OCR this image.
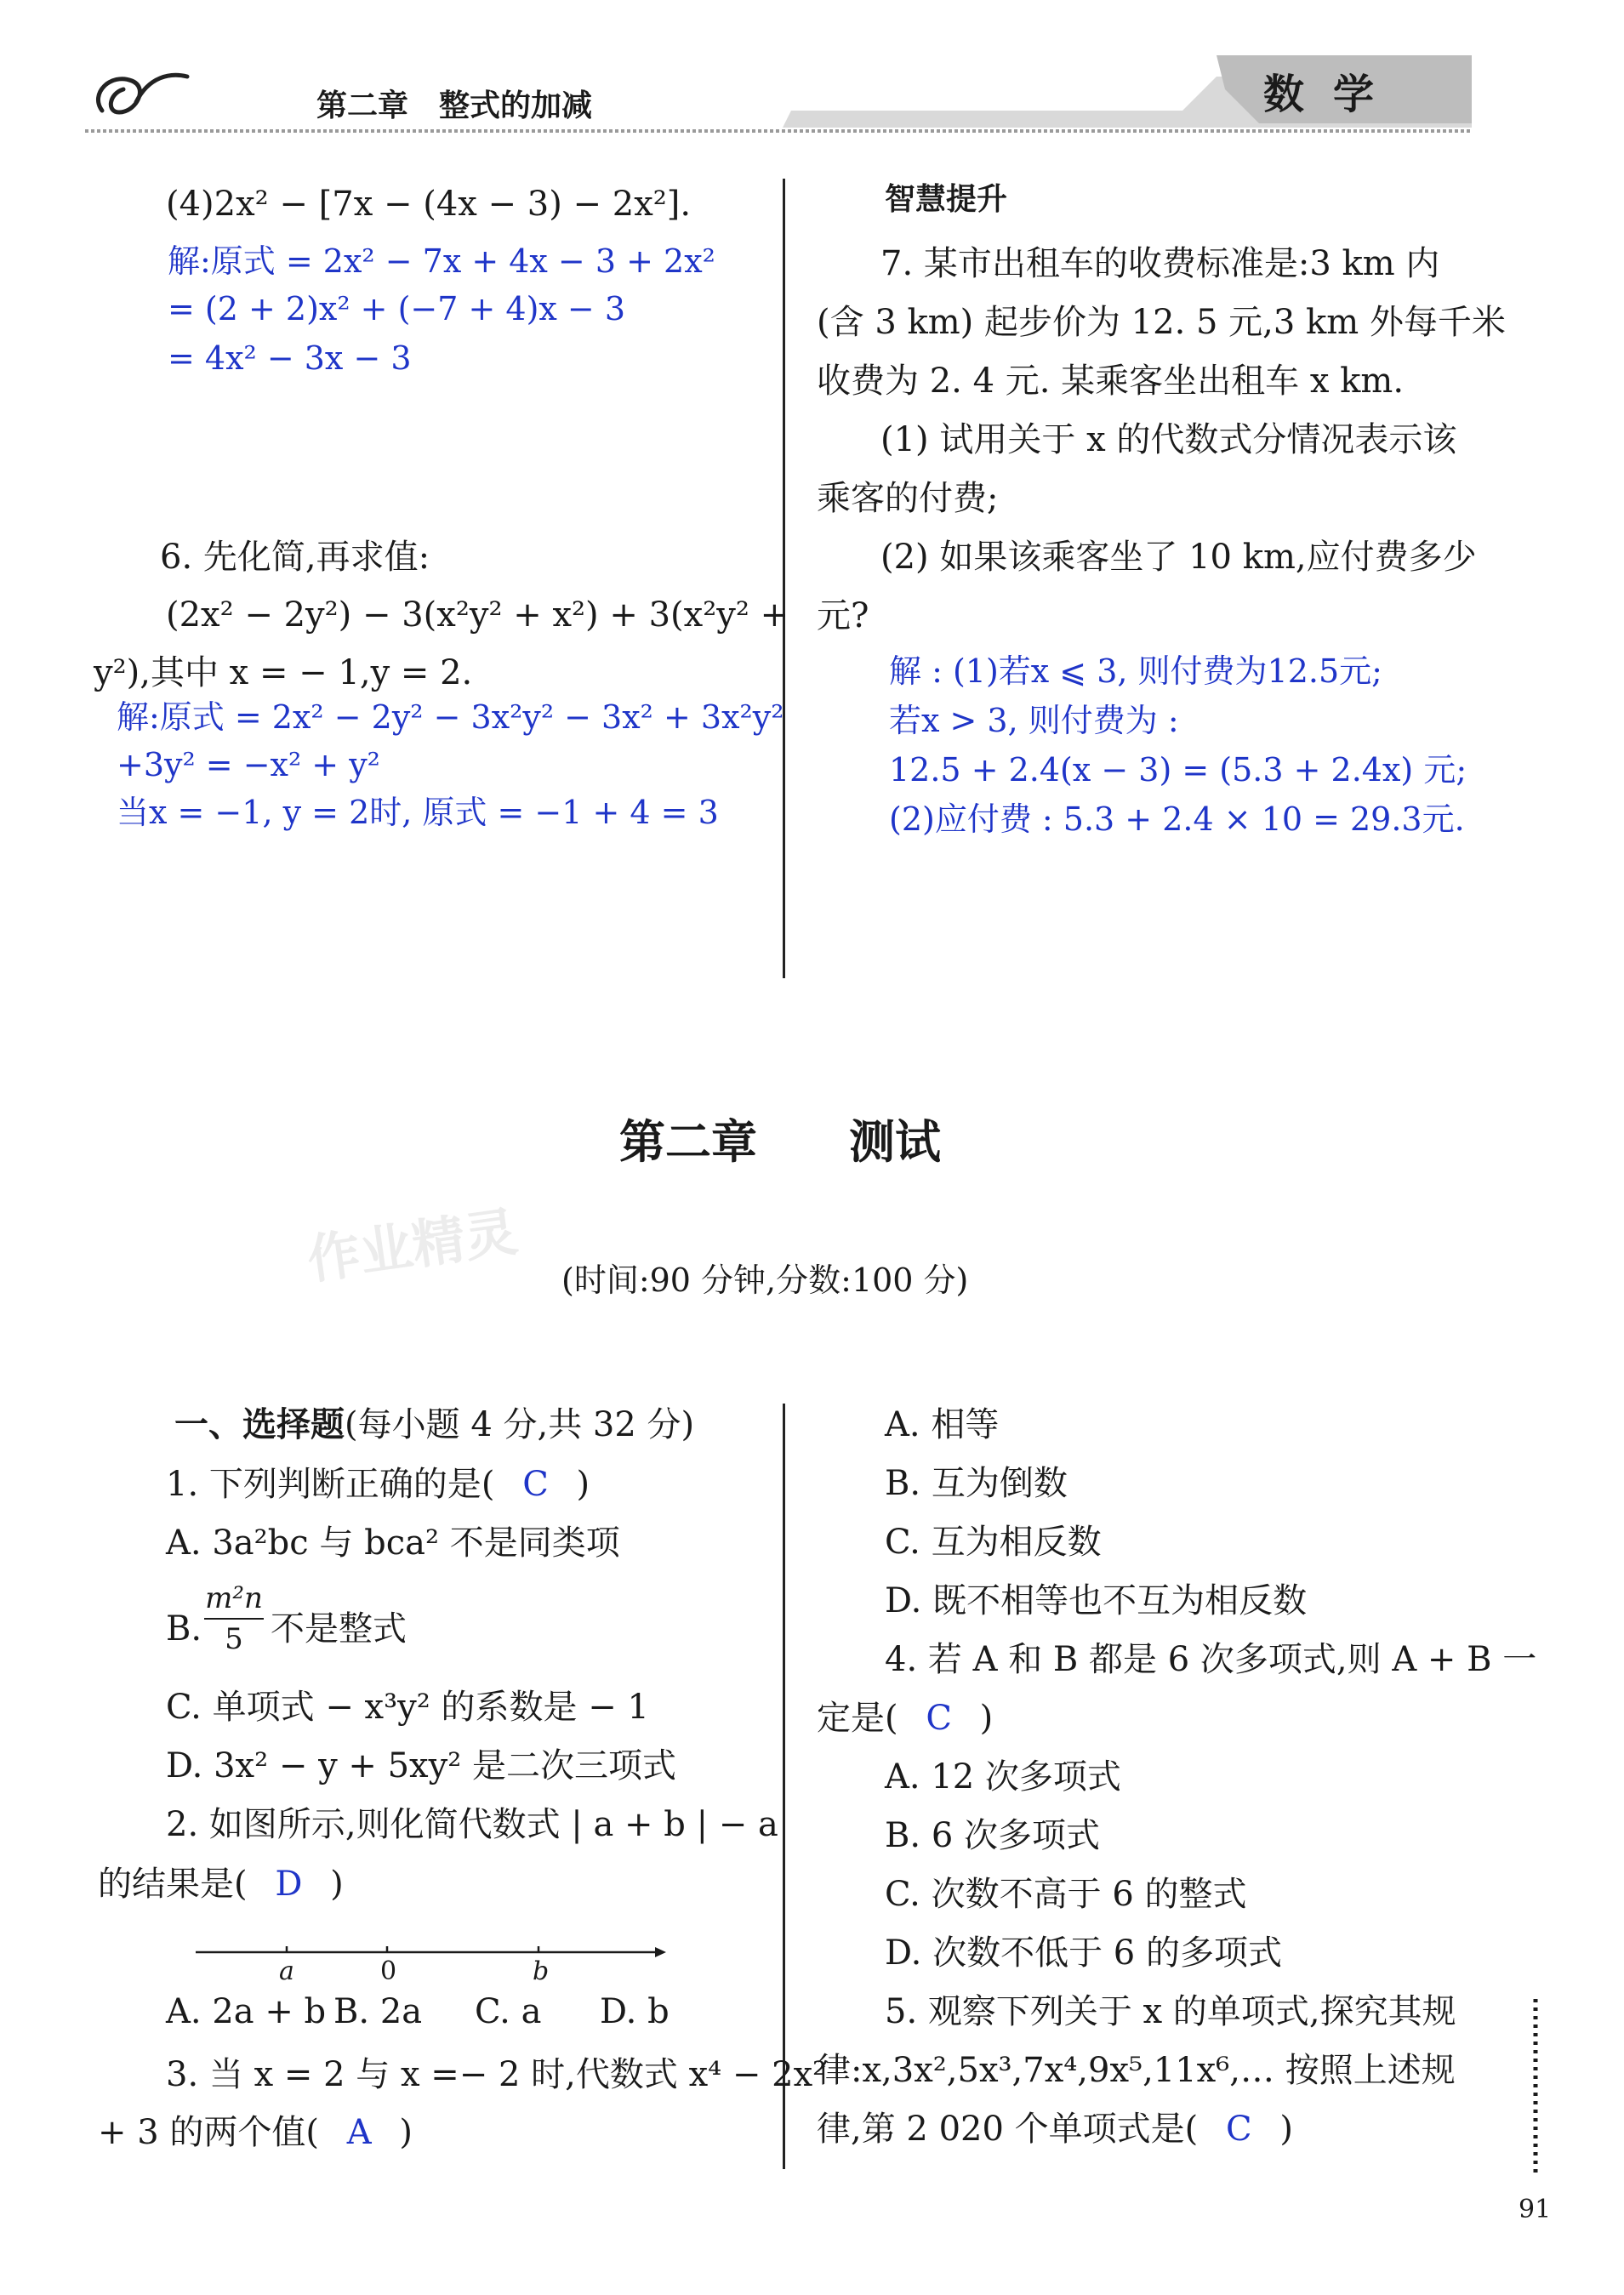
第二章　整式的加减	数学
(4)2x² − [7x − (4x − 3) − 2x²].
解:原式 = 2x² − 7x + 4x − 3 + 2x²
= (2 + 2)x² + (−7 + 4)x − 3
= 4x² − 3x − 3
6. 先化简,再求值:
(2x² − 2y²) − 3(x²y² + x²) + 3(x²y² +
y²),其中 x = − 1,y = 2.
解:原式 = 2x² − 2y² − 3x²y² − 3x² + 3x²y²
+3y² = −x² + y²
当x = −1, y = 2时, 原式 = −1 + 4 = 3
智慧提升
7. 某市出租车的收费标准是:3 km 内
(含 3 km) 起步价为 12. 5 元,3 km 外每千米
收费为 2. 4 元. 某乘客坐出租车 x km.
(1) 试用关于 x 的代数式分情况表示该
乘客的付费;
(2) 如果该乘客坐了 10 km,应付费多少
元?
解 : (1)若x ⩽ 3, 则付费为12.5元;
若x > 3, 则付费为 :
12.5 + 2.4(x − 3) = (5.3 + 2.4x) 元;
(2)应付费 : 5.3 + 2.4 × 10 = 29.3元.
第二章　　测试
作业精灵 (时间:90 分钟,分数:100 分)
一、选择题(每小题 4 分,共 32 分)
1. 下列判断正确的是( C )
A. 3a²bc 与 bca² 不是同类项
B.
m²n
5 不是整式
C. 单项式 − x³y² 的系数是 − 1
D. 3x² − y + 5xy² 是二次三项式
2. 如图所示,则化简代数式 | a + b | − a
的结果是( D )
a	0	b
A. 2a + b B. 2a C. a D. b
3. 当 x = 2 与 x =− 2 时,代数式 x⁴ − 2x²
+ 3 的两个值( A )
A. 相等
B. 互为倒数
C. 互为相反数
D. 既不相等也不互为相反数
4. 若 A 和 B 都是 6 次多项式,则 A + B 一
定是( C )
A. 12 次多项式
B. 6 次多项式
C. 次数不高于 6 的整式
D. 次数不低于 6 的多项式
5. 观察下列关于 x 的单项式,探究其规
律:x,3x²,5x³,7x⁴,9x⁵,11x⁶,… 按照上述规
律,第 2 020 个单项式是( C )
91
